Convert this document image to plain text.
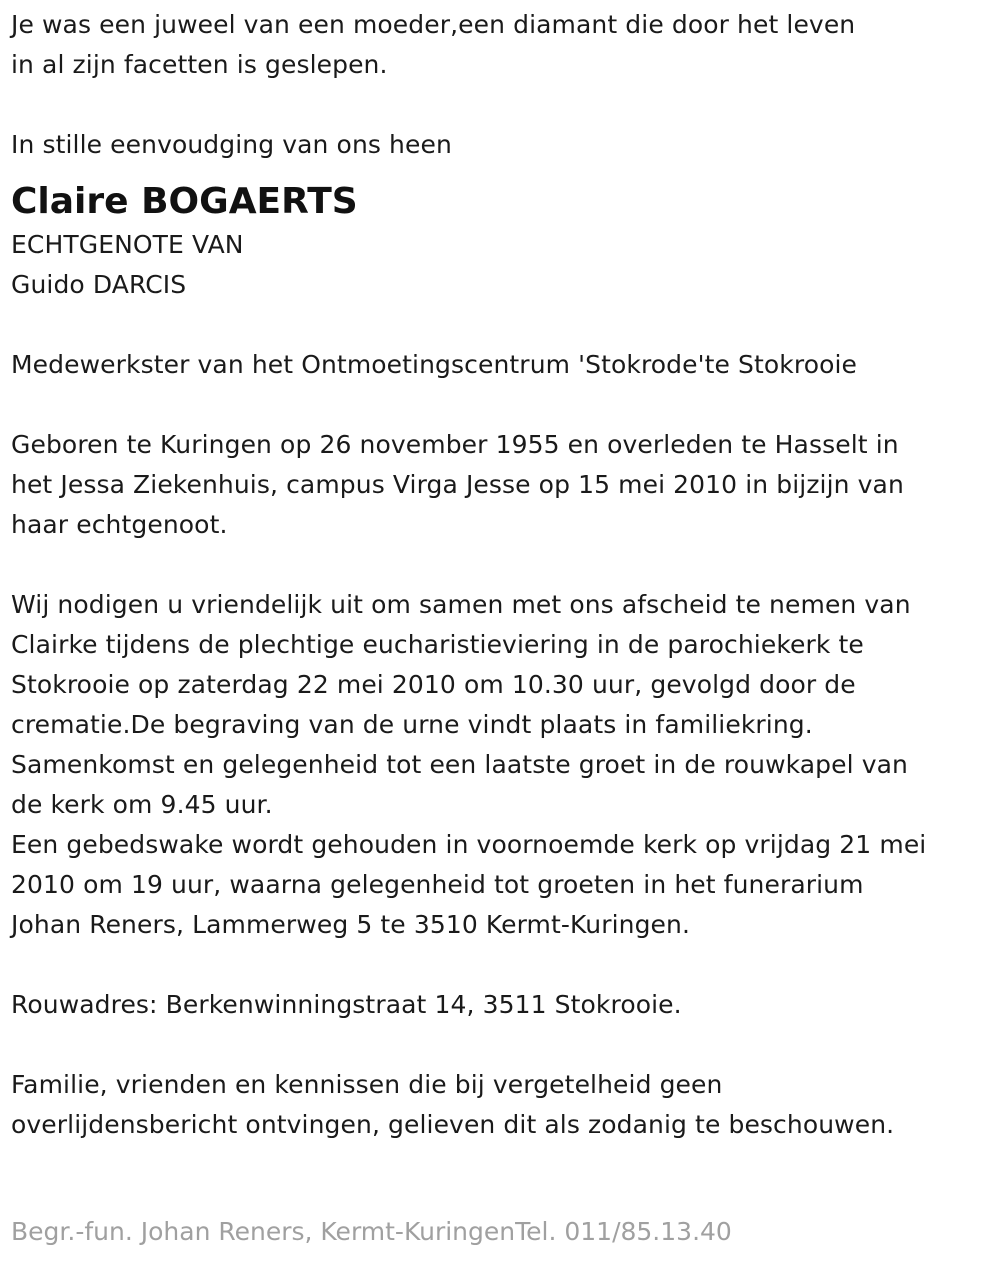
Je was een juweel van een moeder,een diamant die door het leven
in al zijn facetten is geslepen.
In stille eenvoudging van ons heen
Claire BOGAERTS
ECHTGENOTE VAN
Guido DARCIS
Medewerkster van het Ontmoetingscentrum 'Stokrode'te Stokrooie
Geboren te Kuringen op 26 november 1955 en overleden te Hasselt in
het Jessa Ziekenhuis, campus Virga Jesse op 15 mei 2010 in bijzijn van
haar echtgenoot.
Wij nodigen u vriendelijk uit om samen met ons afscheid te nemen van
Clairke tijdens de plechtige eucharistieviering in de parochiekerk te
Stokrooie op zaterdag 22 mei 2010 om 10.30 uur, gevolgd door de
crematie.De begraving van de urne vindt plaats in familiekring.
Samenkomst en gelegenheid tot een laatste groet in de rouwkapel van
de kerk om 9.45 uur.
Een gebedswake wordt gehouden in voornoemde kerk op vrijdag 21 mei
2010 om 19 uur, waarna gelegenheid tot groeten in het funerarium
Johan Reners, Lammerweg 5 te 3510 Kermt-Kuringen.
Rouwadres: Berkenwinningstraat 14, 3511 Stokrooie.
Familie, vrienden en kennissen die bij vergetelheid geen
overlijdensbericht ontvingen, gelieven dit als zodanig te beschouwen.
Begr.-fun. Johan Reners, Kermt-KuringenTel. 011/85.13.40
